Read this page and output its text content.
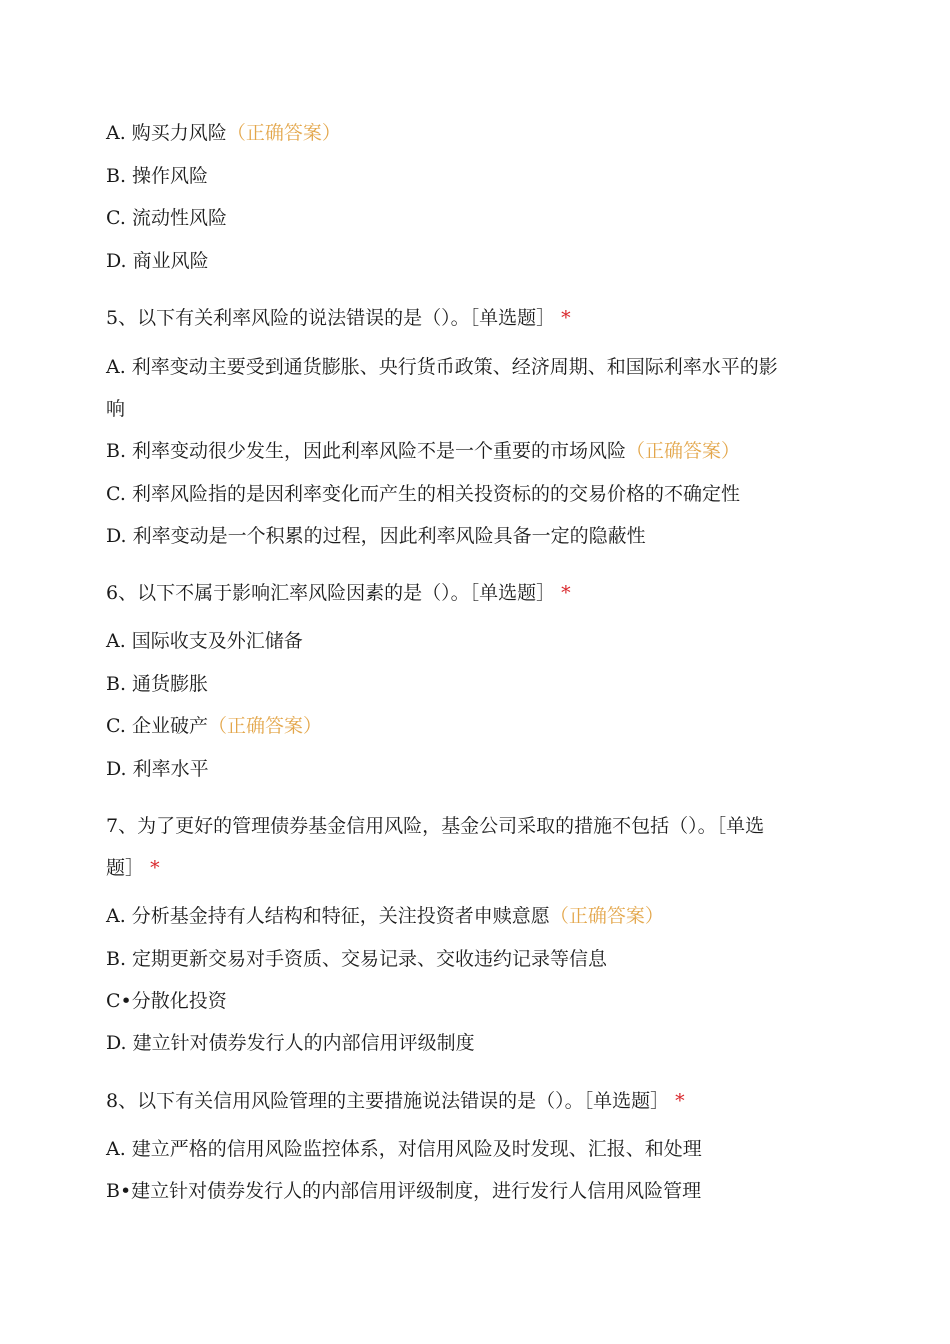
A. 购买力风险（正确答案）
B. 操作风险
C. 流动性风险
D. 商业风险
5、以下有关利率风险的说法错误的是（）。［单选题］ *
A. 利率变动主要受到通货膨胀、央行货币政策、经济周期、和国际利率水平的影
响
B. 利率变动很少发生，因此利率风险不是一个重要的市场风险（正确答案）
C. 利率风险指的是因利率变化而产生的相关投资标的的交易价格的不确定性
D. 利率变动是一个积累的过程，因此利率风险具备一定的隐蔽性
6、以下不属于影响汇率风险因素的是（）。［单选题］ *
A. 国际收支及外汇储备
B. 通货膨胀
C. 企业破产（正确答案）
D. 利率水平
7、为了更好的管理债券基金信用风险，基金公司采取的措施不包括（）。［单选
题］ *
A. 分析基金持有人结构和特征，关注投资者申赎意愿（正确答案）
B. 定期更新交易对手资质、交易记录、交收违约记录等信息
C•分散化投资
D. 建立针对债券发行人的内部信用评级制度
8、以下有关信用风险管理的主要措施说法错误的是（）。［单选题］ *
A. 建立严格的信用风险监控体系，对信用风险及时发现、汇报、和处理
B•建立针对债券发行人的内部信用评级制度，进行发行人信用风险管理
